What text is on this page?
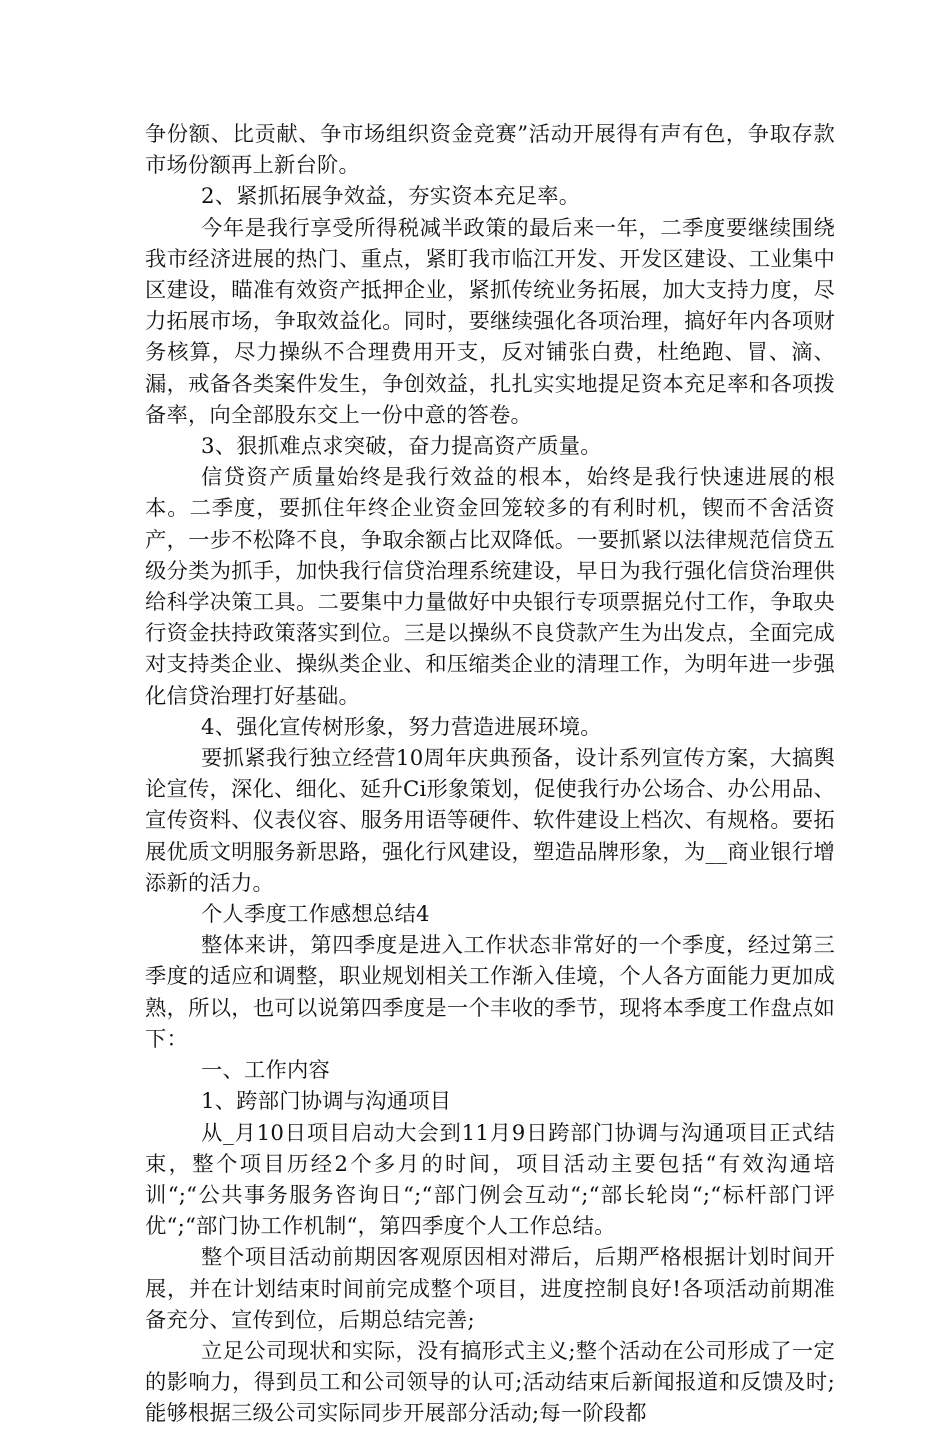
争份额、比贡献、争市场组织资金竞赛”活动开展得有声有色，争取存款市场份额再上新台阶。

2、紧抓拓展争效益，夯实资本充足率。

今年是我行享受所得税减半政策的最后来一年，二季度要继续围绕我市经济进展的热门、重点，紧盯我市临江开发、开发区建设、工业集中区建设，瞄准有效资产抵押企业，紧抓传统业务拓展，加大支持力度，尽力拓展市场，争取效益化。同时，要继续强化各项治理，搞好年内各项财务核算，尽力操纵不合理费用开支，反对铺张白费，杜绝跑、冒、滴、漏，戒备各类案件发生，争创效益，扎扎实实地提足资本充足率和各项拨备率，向全部股东交上一份中意的答卷。

3、狠抓难点求突破，奋力提高资产质量。

信贷资产质量始终是我行效益的根本，始终是我行快速进展的根本。二季度，要抓住年终企业资金回笼较多的有利时机，锲而不舍活资产，一步不松降不良，争取余额占比双降低。一要抓紧以法律规范信贷五级分类为抓手，加快我行信贷治理系统建设，早日为我行强化信贷治理供给科学决策工具。二要集中力量做好中央银行专项票据兑付工作，争取央行资金扶持政策落实到位。三是以操纵不良贷款产生为出发点，全面完成对支持类企业、操纵类企业、和压缩类企业的清理工作，为明年进一步强化信贷治理打好基础。

4、强化宣传树形象，努力营造进展环境。

要抓紧我行独立经营10周年庆典预备，设计系列宣传方案，大搞舆论宣传，深化、细化、延升Ci形象策划，促使我行办公场合、办公用品、宣传资料、仪表仪容、服务用语等硬件、软件建设上档次、有规格。要拓展优质文明服务新思路，强化行风建设，塑造品牌形象，为__商业银行增添新的活力。

个人季度工作感想总结4

整体来讲，第四季度是进入工作状态非常好的一个季度，经过第三季度的适应和调整，职业规划相关工作渐入佳境，个人各方面能力更加成熟，所以，也可以说第四季度是一个丰收的季节，现将本季度工作盘点如下：

一、工作内容

1、跨部门协调与沟通项目

从_月10日项目启动大会到11月9日跨部门协调与沟通项目正式结束，整个项目历经2个多月的时间，项目活动主要包括“有效沟通培训“;“公共事务服务咨询日“;“部门例会互动“;“部长轮岗“;“标杆部门评优“;“部门协工作机制“，第四季度个人工作总结。

整个项目活动前期因客观原因相对滞后，后期严格根据计划时间开展，并在计划结束时间前完成整个项目，进度控制良好!各项活动前期准备充分、宣传到位，后期总结完善;

立足公司现状和实际，没有搞形式主义;整个活动在公司形成了一定的影响力，得到员工和公司领导的认可;活动结束后新闻报道和反馈及时;能够根据三级公司实际同步开展部分活动;每一阶段都
